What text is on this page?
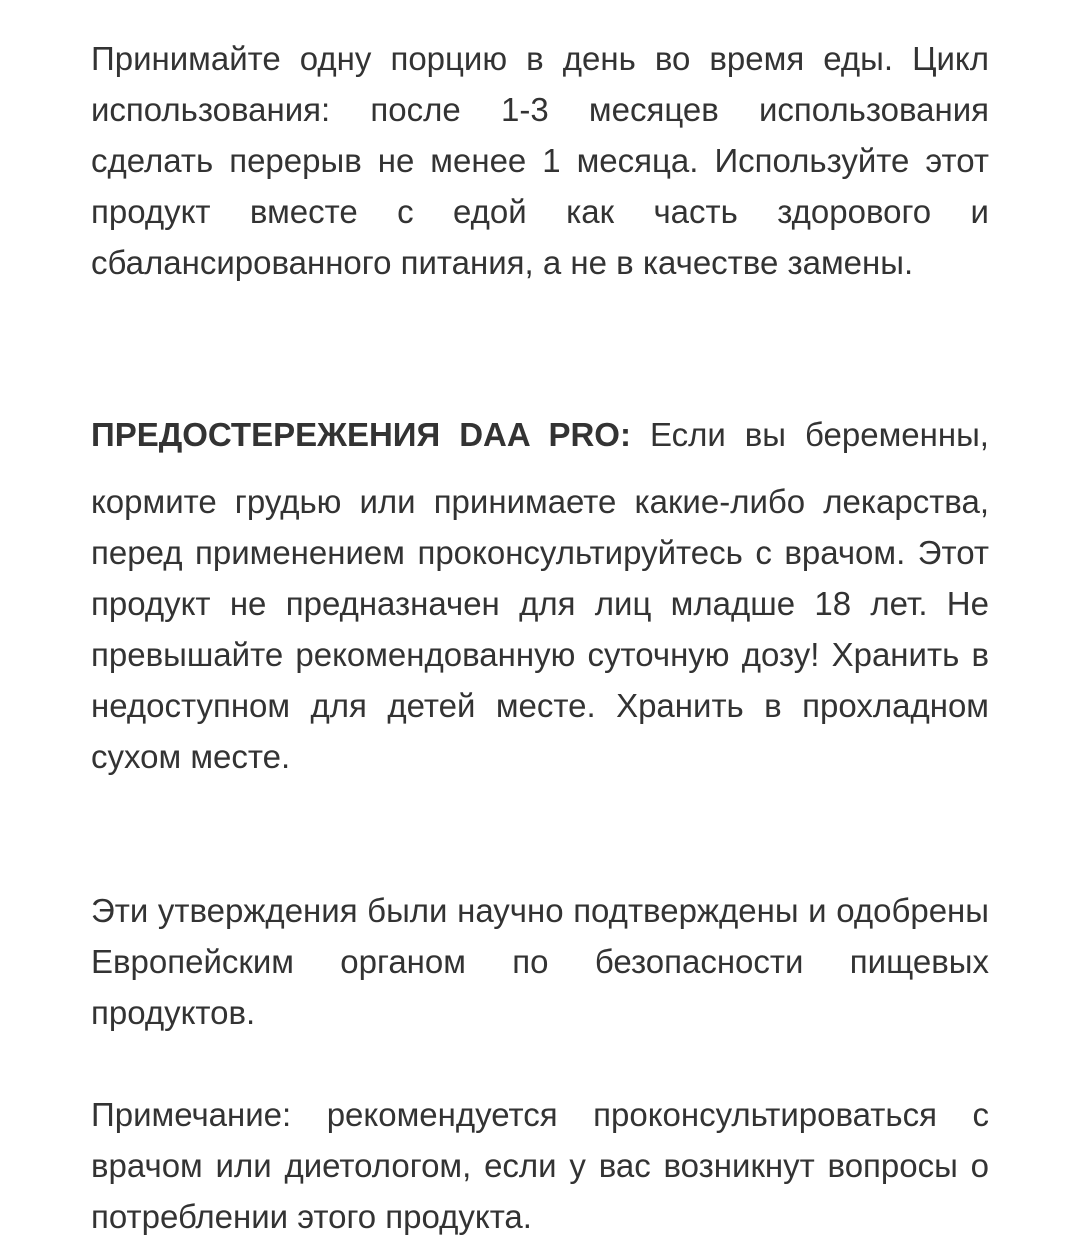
Принимайте одну порцию в день во время еды. Цикл использования: после 1-3 месяцев использования сделать перерыв не менее 1 месяца. Используйте этот продукт вместе с едой как часть здорового и сбалансированного питания, а не в качестве замены.

ПРЕДОСТЕРЕЖЕНИЯ DAA PRO: Если вы беременны,

кормите грудью или принимаете какие-либо лекарства, перед применением проконсультируйтесь с врачом. Этот продукт не предназначен для лиц младше 18 лет. Не превышайте рекомендованную суточную дозу! Хранить в недоступном для детей месте. Хранить в прохладном сухом месте.

Эти утверждения были научно подтверждены и одобрены Европейским органом по безопасности пищевых продуктов.

Примечание: рекомендуется проконсультироваться с врачом или диетологом, если у вас возникнут вопросы о потреблении этого продукта.
